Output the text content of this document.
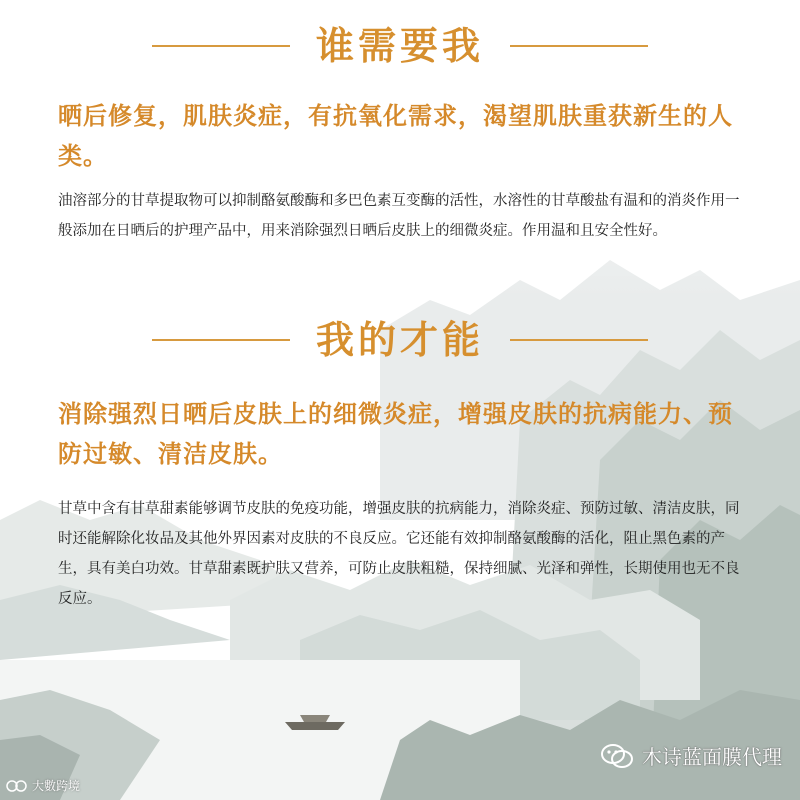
谁需要我
晒后修复，肌肤炎症，有抗氧化需求，渴望肌肤重获新生的人类。
油溶部分的甘草提取物可以抑制酪氨酸酶和多巴色素互变酶的活性，水溶性的甘草酸盐有温和的消炎作用一般添加在日晒后的护理产品中，用来消除强烈日晒后皮肤上的细微炎症。作用温和且安全性好。
我的才能
消除强烈日晒后皮肤上的细微炎症，增强皮肤的抗病能力、预防过敏、清洁皮肤。
甘草中含有甘草甜素能够调节皮肤的免疫功能，增强皮肤的抗病能力，消除炎症、预防过敏、清洁皮肤，同时还能解除化妆品及其他外界因素对皮肤的不良反应。它还能有效抑制酪氨酸酶的活化，阻止黑色素的产生，具有美白功效。甘草甜素既护肤又营养，可防止皮肤粗糙，保持细腻、光泽和弹性，长期使用也无不良反应。
木诗蓝面膜代理
大數跨境
